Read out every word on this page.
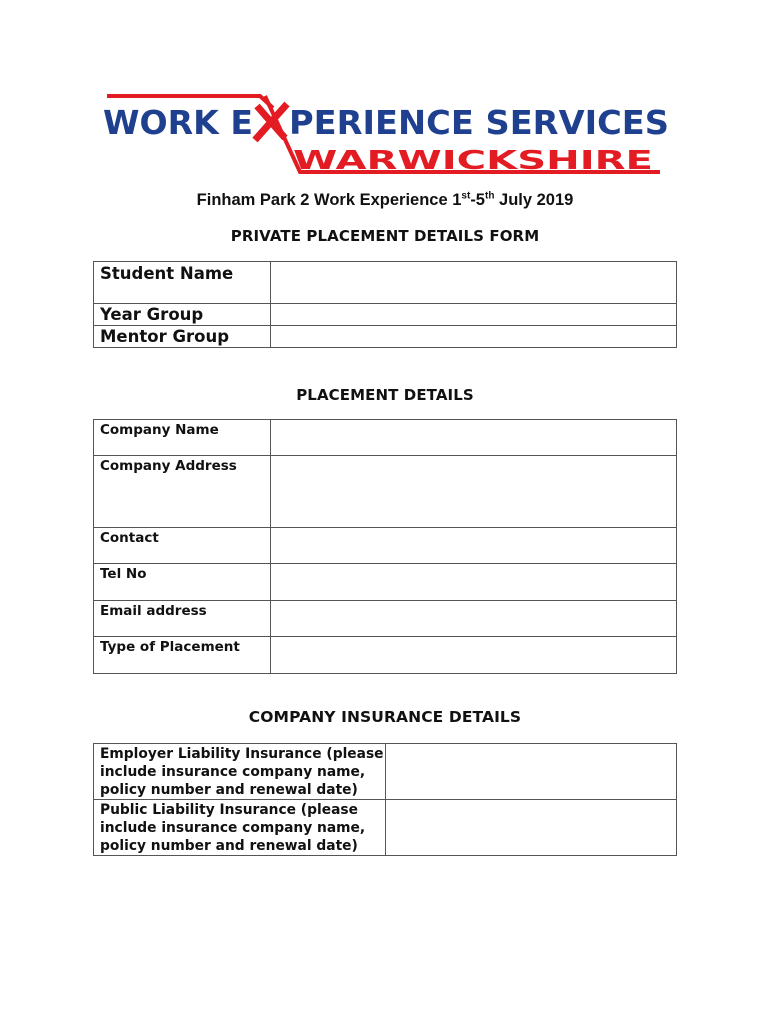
WORK E PERIENCE SERVICES
WARWICKSHIRE
Finham Park 2 Work Experience 1st-5th July 2019
PRIVATE PLACEMENT DETAILS FORM
Student Name	
Year Group	
Mentor Group	
PLACEMENT DETAILS
Company Name	
Company Address	
Contact	
Tel No	
Email address	
Type of Placement	
COMPANY INSURANCE DETAILS
Employer Liability Insurance (please
include insurance company name,
policy number and renewal date)	

Public Liability Insurance (please
include insurance company name,
policy number and renewal date)	
